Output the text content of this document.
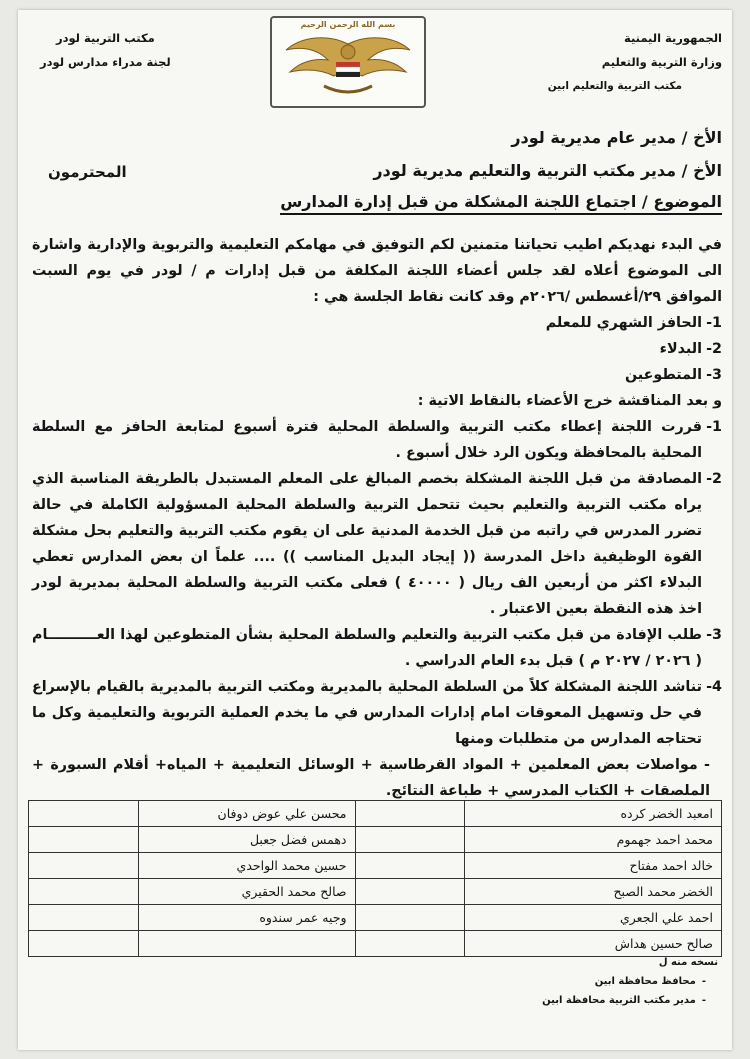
الجمهورية اليمنية
وزارة التربية والتعليم
مكتب التربية والتعليم ابين
بسم الله الرحمن الرحيم
مكتب التربية لودر
لجنة مدراء مدارس لودر
الأخ / مدير عام مديرية لودر
الأخ / مدير مكتب التربية والتعليم مديرية لودر
المحترمون
الموضوع / اجتماع اللجنة المشكلة من قبل إدارة المدارس

في البدء نهديكم اطيب تحياتنا متمنين لكم التوفيق في مهامكم التعليمية والتربوية والإدارية واشارة الى الموضوع أعلاه لقد جلس أعضاء اللجنة المكلفة من قبل إدارات م / لودر في يوم السبت الموافق ٢٩/أغسطس /٢٠٢٦م وقد كانت نقاط الجلسة هي :

1-
الحافز الشهري للمعلم
2-
البدلاء
3-
المتطوعين

و بعد المناقشة خرج الأعضاء بالنقاط الاتية :

1-
قررت اللجنة إعطاء مكتب التربية والسلطة المحلية فترة أسبوع لمتابعة الحافز مع السلطة المحلية بالمحافظة ويكون الرد خلال أسبوع .
2-
المصادقة من قبل اللجنة المشكلة بخصم المبالغ على المعلم المستبدل بالطريقة المناسبة الذي يراه مكتب التربية والتعليم بحيث تتحمل التربية والسلطة المحلية المسؤولية الكاملة في حالة تضرر المدرس في راتبه من قبل الخدمة المدنية على ان يقوم مكتب التربية والتعليم بحل مشكلة القوة الوظيفية داخل المدرسة (( إيجاد البديل المناسب )) .... علماً ان بعض المدارس تعطي البدلاء اكثر من أربعين الف ريال ( ٤٠٠٠٠ ) فعلى مكتب التربية والسلطة المحلية بمديرية لودر اخذ هذه النقطة بعين الاعتبار .
3-
طلب الإفادة من قبل مكتب التربية والتعليم والسلطة المحلية بشأن المتطوعين لهذا العــــــــــام ( ٢٠٢٦ / ٢٠٢٧ م ) قبل بدء العام الدراسي .
4-
تناشد اللجنة المشكلة كلاً من السلطة المحلية بالمديرية ومكتب التربية بالمديرية بالقيام بالإسراع في حل وتسهيل المعوقات امام إدارات المدارس في ما يخدم العملية التربوية والتعليمية وكل ما تحتاجه المدارس من متطلبات ومنها

- مواصلات بعض المعلمين + المواد القرطاسية + الوسائل التعليمية + المياه+ أقلام السبورة + الملصقات + الكتاب المدرسي + طباعة النتائج.

امعبد الخضر كرده		محسن علي عوض دوفان	
محمد احمد جهموم		دهمس فضل جعبل	
خالد احمد مفتاح		حسين محمد الواحدي	
الخضر محمد الصبح		صالح محمد الحقيري	
احمد علي الجعري		وجيه عمر سندوه	
صالح حسين هداش			
نسخه منه ل
- محافظ محافظة ابين
- مدير مكتب التربية محافظة ابين
